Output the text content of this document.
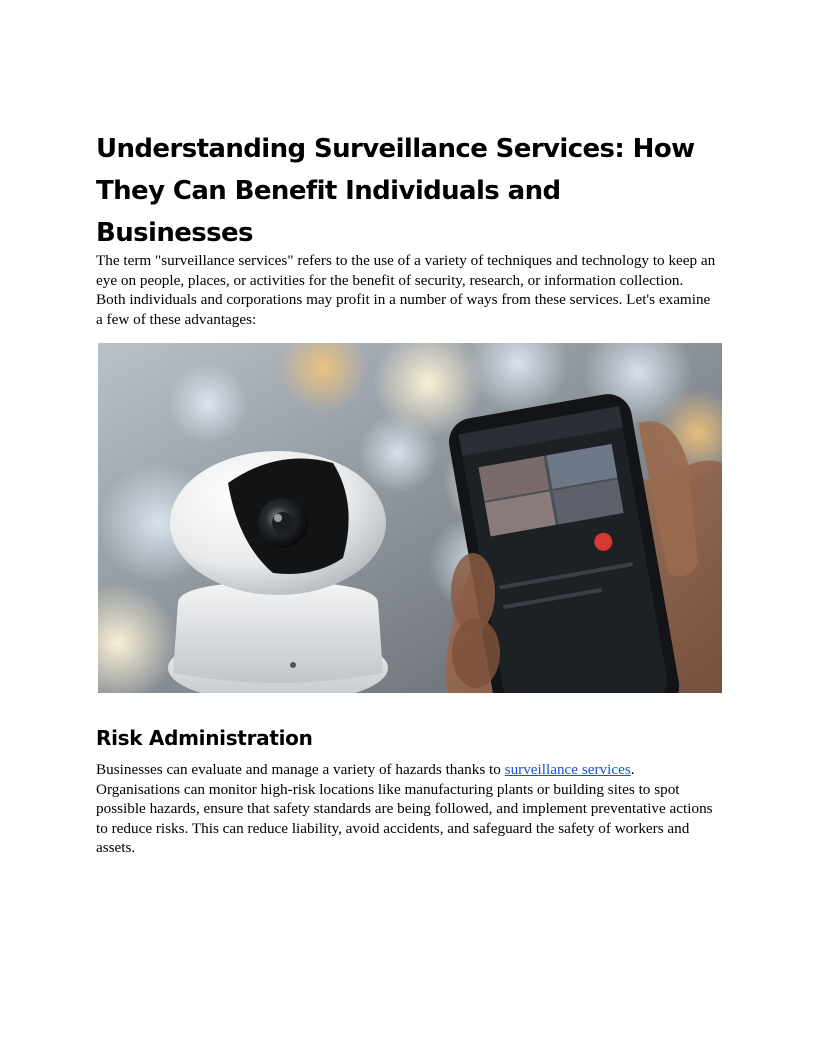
Understanding Surveillance Services: How They Can Benefit Individuals and Businesses

The term "surveillance services" refers to the use of a variety of techniques and technology to keep an eye on people, places, or activities for the benefit of security, research, or information collection. Both individuals and corporations may profit in a number of ways from these services. Let's examine a few of these advantages:

Risk Administration

Businesses can evaluate and manage a variety of hazards thanks to surveillance services. Organisations can monitor high-risk locations like manufacturing plants or building sites to spot possible hazards, ensure that safety standards are being followed, and implement preventative actions to reduce risks. This can reduce liability, avoid accidents, and safeguard the safety of workers and assets.
